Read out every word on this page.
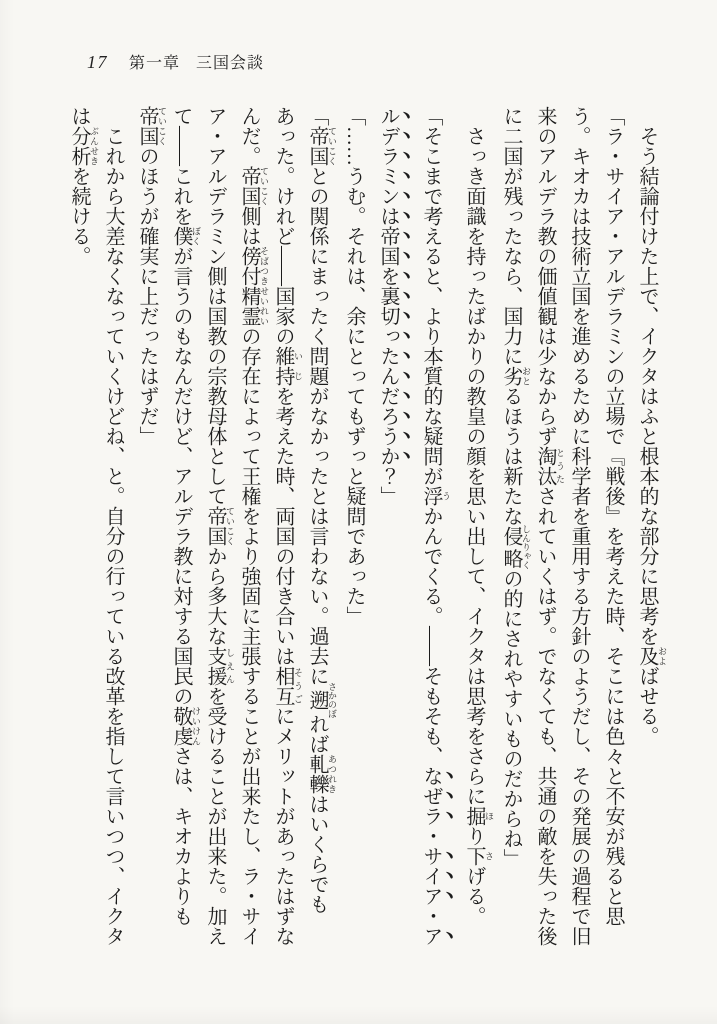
17 第一章 三国会談

　そう結論付けた上で、イクタはふと根本的な部分に思考を及 およばせる。

「ラ・サイア・アルデラミンの立場で『戦後』を考えた時、そこには色々と不安が残ると思う。キオカは技術立国を進めるために科学者を重用する方針のようだし、その発展の過程で旧来のアルデラ教の価値観は少なからず淘汰 とうたされていくはず。でなくても、共通の敵を失った後に二国が残ったなら、国力に劣 おとるほうは新たな侵略 しんりゃくの的にされやすいものだからね」

　さっき面識を持ったばかりの教皇の顔を思い出して、イクタは思考をさらに掘 ほり下 さげる。

「そこまで考えると、より本質的な疑問が浮 うかんでくる。――そもそも、なぜラ・サイア・アルデラミンは帝国を裏切ったんだろうか？」

「……うむ。それは、余にとってもずっと疑問であった」

「帝国 ていこくとの関係にまったく問題がなかったとは言わない。過去に遡 さかのぼれば軋轢 あつれきはいくらでもあった。けれど――国家の維持 いじを考えた時、両国の付き合いは相互 そうごにメリットがあったはずなんだ。帝国 ていこく側は傍付精霊 そばつきせいれいの存在によって王権をより強固に主張することが出来たし、ラ・サイア・アルデラミン側は国教の宗教母体として帝国 ていこくから多大な支援 しえんを受けることが出来た。加えて――これを僕 ぼくが言うのもなんだけど、アルデラ教に対する国民の敬虔 けいけんさは、キオカよりも帝国 ていこくのほうが確実に上だったはずだ」

　これから大差なくなっていくけどね、と。自分の行っている改革を指して言いつつ、イクタは分析 ぶんせきを続ける。
